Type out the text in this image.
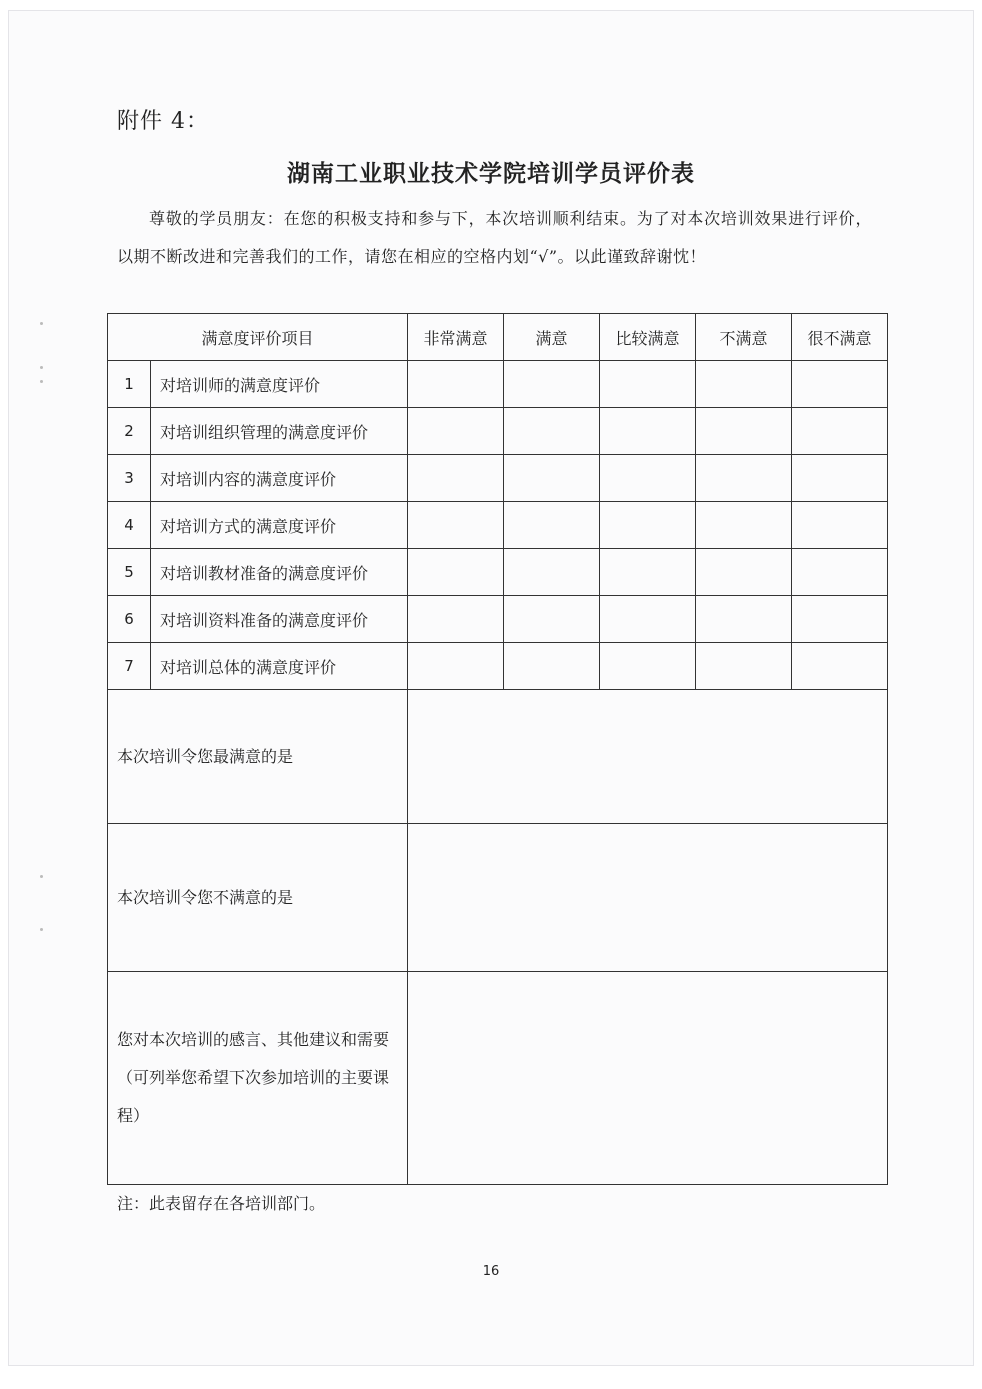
附件 4：
湖南工业职业技术学院培训学员评价表
尊敬的学员朋友：在您的积极支持和参与下，本次培训顺利结束。为了对本次培训效果进行评价，以期不断改进和完善我们的工作，请您在相应的空格内划“√”。以此谨致辞谢忱！
满意度评价项目		非常满意	满意	比较满意	不满意	很不满意
1	对培训师的满意度评价					
2	对培训组织管理的满意度评价					
3	对培训内容的满意度评价					
4	对培训方式的满意度评价					
5	对培训教材准备的满意度评价					
6	对培训资料准备的满意度评价					
7	对培训总体的满意度评价					
本次培训令您最满意的是						
本次培训令您不满意的是						
您对本次培训的感言、其他建议和需要（可列举您希望下次参加培训的主要课程）						
注：此表留存在各培训部门。
16
